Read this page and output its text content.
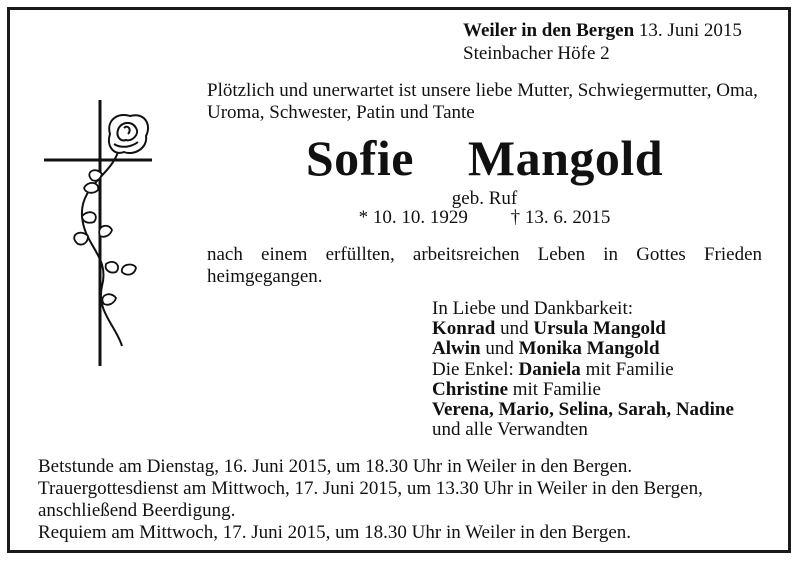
Weiler in den Bergen 13. Juni 2015
Steinbacher Höfe 2
Plötzlich und unerwartet ist unsere liebe Mutter, Schwiegermutter, Oma, Uroma, Schwester, Patin und Tante
Sofie  Mangold
geb. Ruf
* 10. 10. 1929 † 13. 6. 2015
nach einem erfüllten, arbeitsreichen Leben in Gottes Frieden heimgegangen.
In Liebe und Dankbarkeit:
Konrad und Ursula Mangold
Alwin und Monika Mangold
Die Enkel: Daniela mit Familie
Christine mit Familie
Verena, Mario, Selina, Sarah, Nadine
und alle Verwandten
Betstunde am Dienstag, 16. Juni 2015, um 18.30 Uhr in Weiler in den Bergen.
Trauergottesdienst am Mittwoch, 17. Juni 2015, um 13.30 Uhr in Weiler in den Bergen,
anschließend Beerdigung.
Requiem am Mittwoch, 17. Juni 2015, um 18.30 Uhr in Weiler in den Bergen.
